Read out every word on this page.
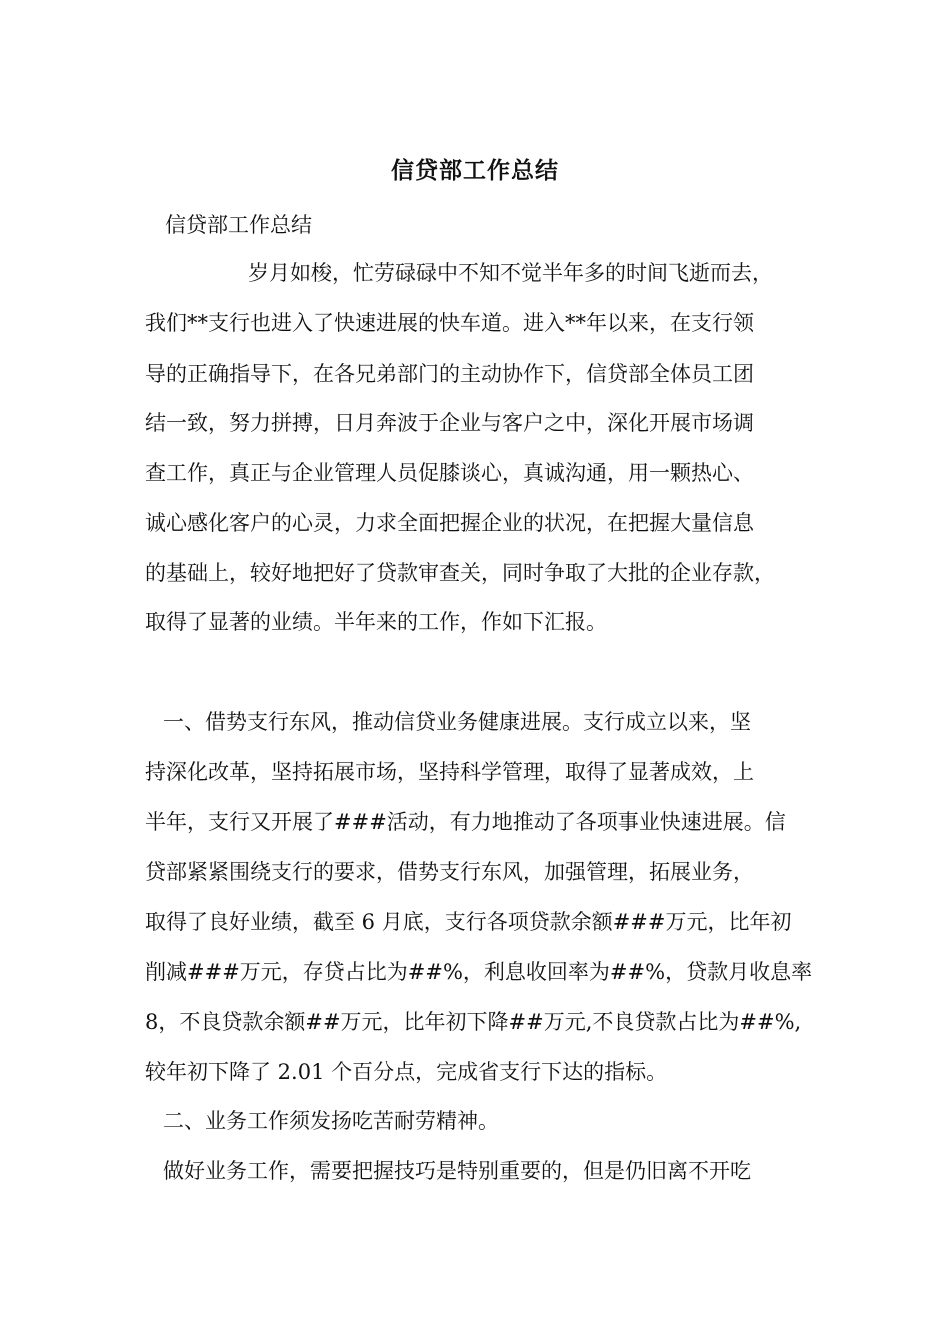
信贷部工作总结
信贷部工作总结
岁月如梭，忙劳碌碌中不知不觉半年多的时间飞逝而去，
我们**支行也进入了快速进展的快车道。进入**年以来，在支行领
导的正确指导下，在各兄弟部门的主动协作下，信贷部全体员工团
结一致，努力拼搏，日月奔波于企业与客户之中，深化开展市场调
查工作，真正与企业管理人员促膝谈心，真诚沟通，用一颗热心、
诚心感化客户的心灵，力求全面把握企业的状况，在把握大量信息
的基础上，较好地把好了贷款审查关，同时争取了大批的企业存款，
取得了显著的业绩。半年来的工作，作如下汇报。
一、借势支行东风，推动信贷业务健康进展。支行成立以来，坚
持深化改革，坚持拓展市场，坚持科学管理，取得了显著成效，上
半年，支行又开展了###活动，有力地推动了各项事业快速进展。信
贷部紧紧围绕支行的要求，借势支行东风，加强管理，拓展业务，
取得了良好业绩，截至 6 月底，支行各项贷款余额###万元，比年初
削减###万元，存贷占比为##%，利息收回率为##%，贷款月收息率
8，不良贷款余额##万元，比年初下降##万元,不良贷款占比为##%,
较年初下降了 2.01 个百分点，完成省支行下达的指标。
二、业务工作须发扬吃苦耐劳精神。
做好业务工作，需要把握技巧是特别重要的，但是仍旧离不开吃
